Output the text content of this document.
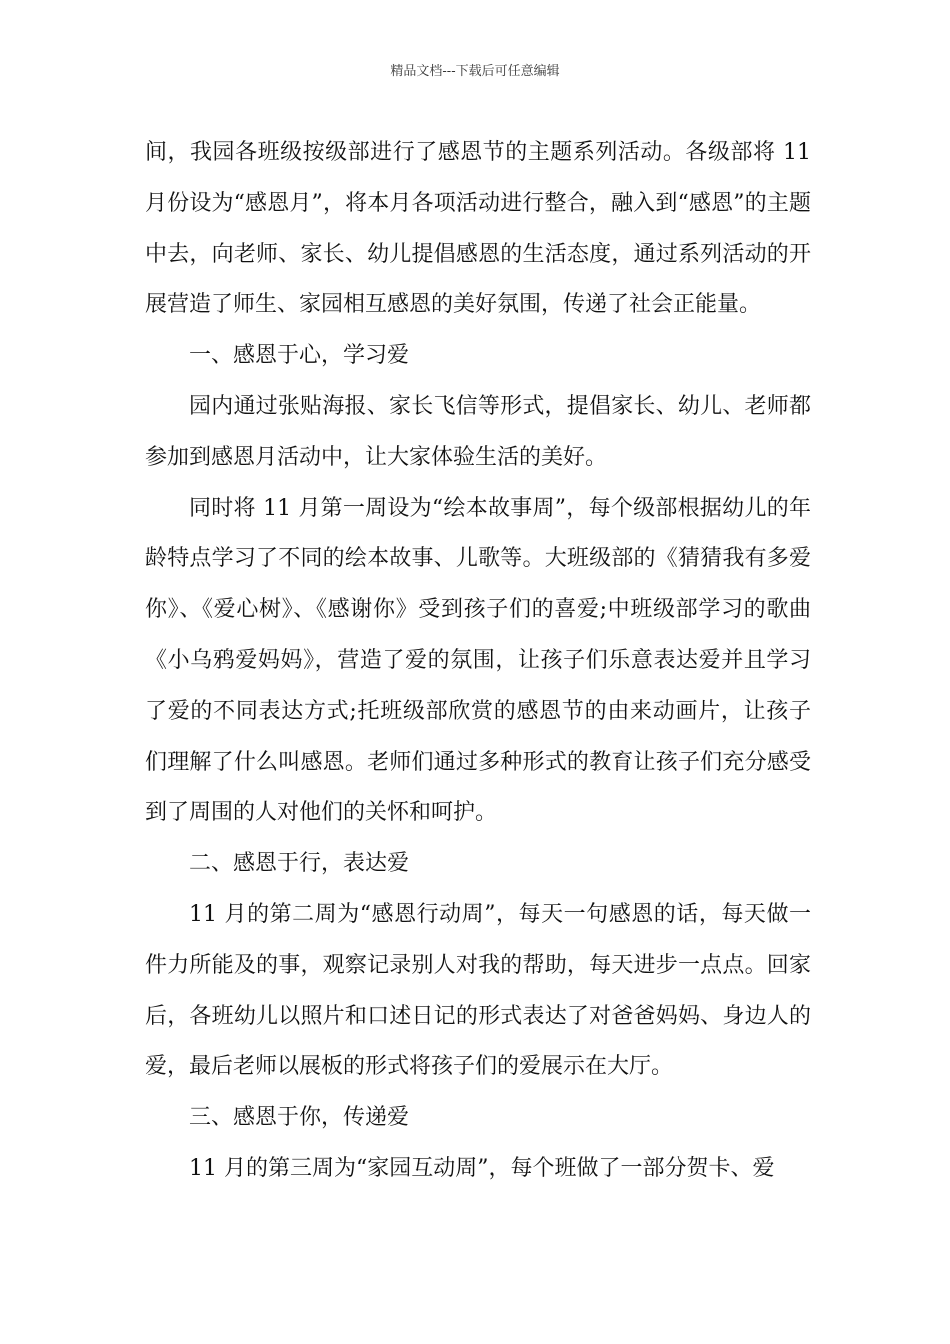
精品文档---下载后可任意编辑

间，我园各班级按级部进行了感恩节的主题系列活动。各级部将 11 月份设为“感恩月”，将本月各项活动进行整合，融入到“感恩”的主题中去，向老师、家长、幼儿提倡感恩的生活态度，通过系列活动的开展营造了师生、家园相互感恩的美好氛围，传递了社会正能量。

一、感恩于心，学习爱

园内通过张贴海报、家长飞信等形式，提倡家长、幼儿、老师都参加到感恩月活动中，让大家体验生活的美好。

同时将 11 月第一周设为“绘本故事周”，每个级部根据幼儿的年龄特点学习了不同的绘本故事、儿歌等。大班级部的《猜猜我有多爱你》、《爱心树》、《感谢你》受到孩子们的喜爱;中班级部学习的歌曲《小乌鸦爱妈妈》，营造了爱的氛围，让孩子们乐意表达爱并且学习了爱的不同表达方式;托班级部欣赏的感恩节的由来动画片，让孩子们理解了什么叫感恩。老师们通过多种形式的教育让孩子们充分感受到了周围的人对他们的关怀和呵护。

二、感恩于行，表达爱

11 月的第二周为“感恩行动周”，每天一句感恩的话，每天做一件力所能及的事，观察记录别人对我的帮助，每天进步一点点。回家后，各班幼儿以照片和口述日记的形式表达了对爸爸妈妈、身边人的爱，最后老师以展板的形式将孩子们的爱展示在大厅。

三、感恩于你，传递爱

11 月的第三周为“家园互动周”，每个班做了一部分贺卡、爱
